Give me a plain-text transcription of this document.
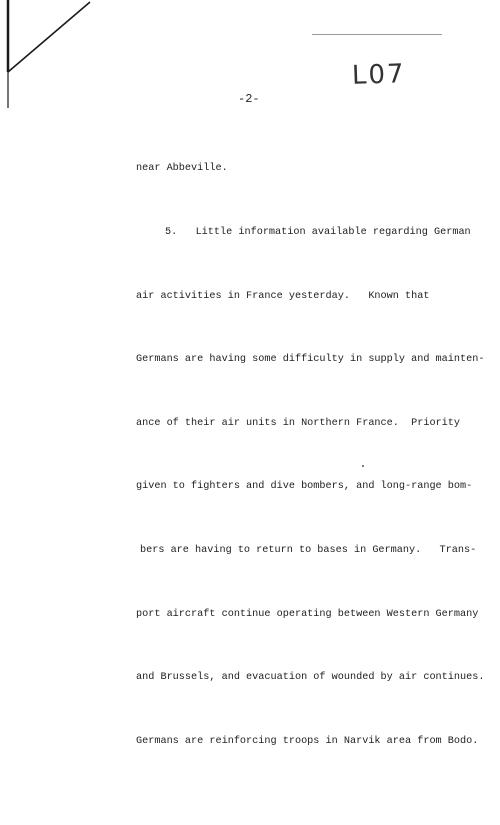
L07
-2-

near Abbeville.

5.   Little information available regarding German

air activities in France yesterday.   Known that

Germans are having some difficulty in supply and mainten-

ance of their air units in Northern France.  Priority

given to fighters and dive bombers, and long-range bom-

bers are having to return to bases in Germany.   Trans-

port aircraft continue operating between Western Germany

and Brussels, and evacuation of wounded by air continues.

Germans are reinforcing troops in Narvik area from Bodo.
